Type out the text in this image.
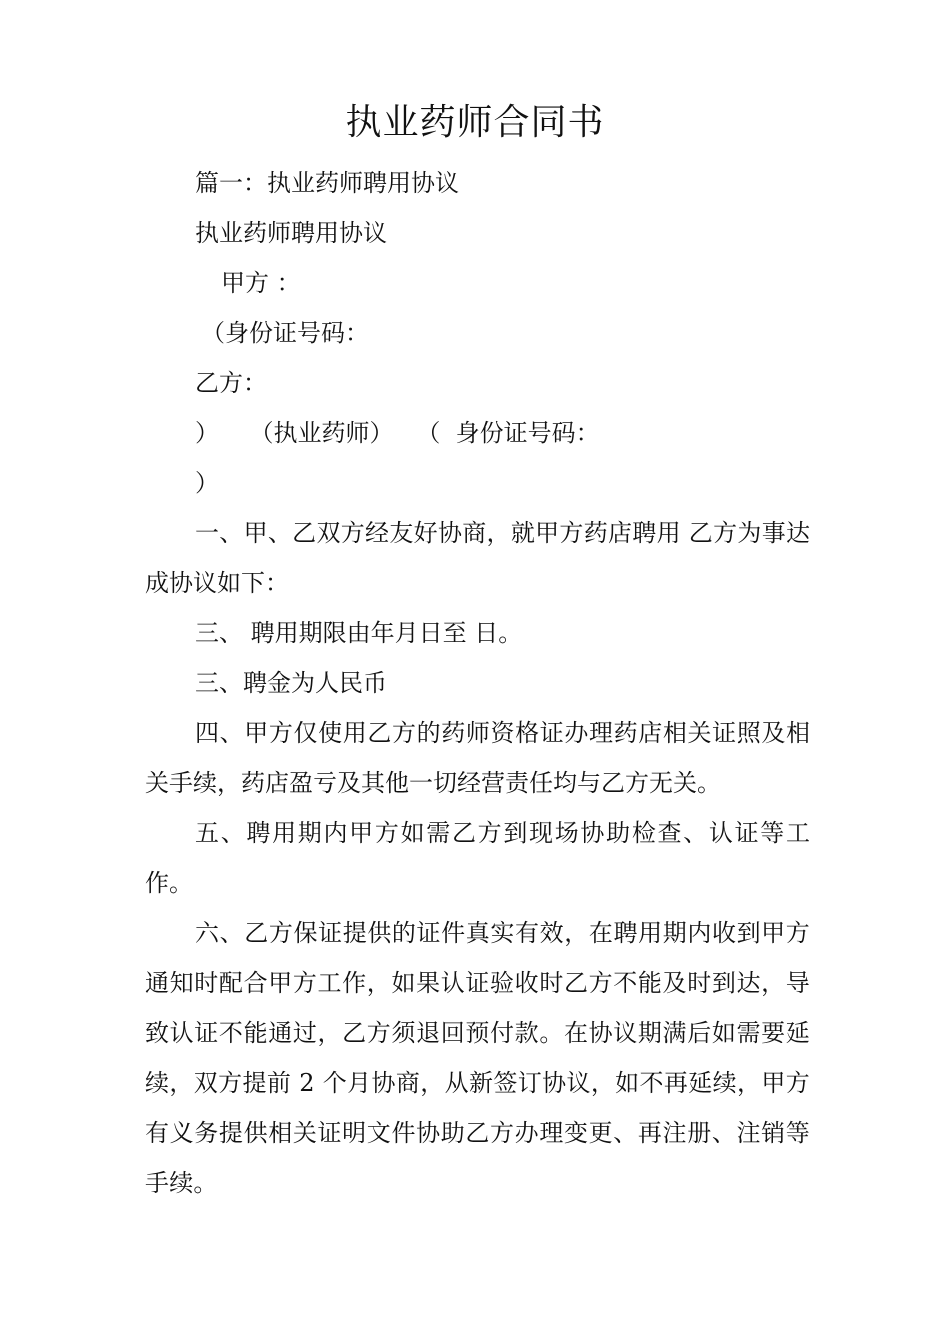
执业药师合同书

篇一：执业药师聘用协议

执业药师聘用协议

甲方 ：

（身份证号码：

乙方：

）    （执业药师）   （  身份证号码：

）

一、甲、乙双方经友好协商，就甲方药店聘用 乙方为事达成协议如下：

三、 聘用期限由年月日至 日。

三、聘金为人民币

四、甲方仅使用乙方的药师资格证办理药店相关证照及相关手续，药店盈亏及其他一切经营责任均与乙方无关。

五、聘用期内甲方如需乙方到现场协助检查、认证等工作。

六、乙方保证提供的证件真实有效，在聘用期内收到甲方通知时配合甲方工作，如果认证验收时乙方不能及时到达，导致认证不能通过，乙方须退回预付款。在协议期满后如需要延续，双方提前 2 个月协商，从新签订协议，如不再延续，甲方有义务提供相关证明文件协助乙方办理变更、再注册、注销等手续。
